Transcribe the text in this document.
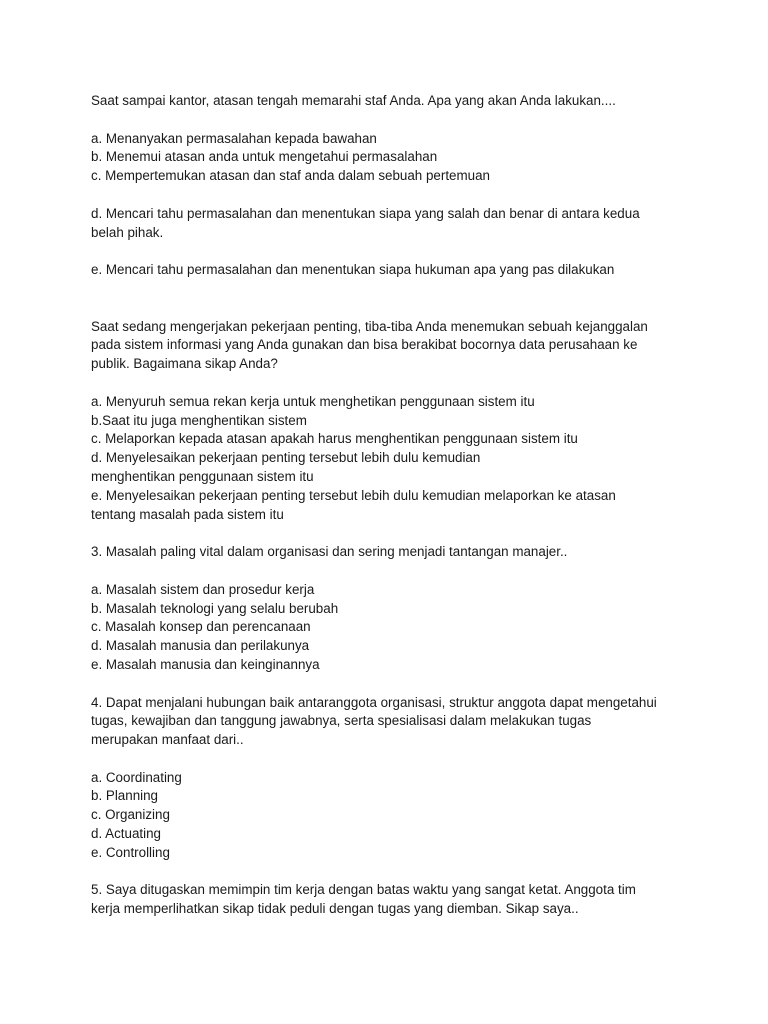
Saat sampai kantor, atasan tengah memarahi staf Anda. Apa yang akan Anda lakukan....

a. Menanyakan permasalahan kepada bawahan

b. Menemui atasan anda untuk mengetahui permasalahan

c. Mempertemukan atasan dan staf anda dalam sebuah pertemuan

d. Mencari tahu permasalahan dan menentukan siapa yang salah dan benar di antara kedua

belah pihak.

e. Mencari tahu permasalahan dan menentukan siapa hukuman apa yang pas dilakukan

Saat sedang mengerjakan pekerjaan penting, tiba-tiba Anda menemukan sebuah kejanggalan

pada sistem informasi yang Anda gunakan dan bisa berakibat bocornya data perusahaan ke

publik. Bagaimana sikap Anda?

a. Menyuruh semua rekan kerja untuk menghetikan penggunaan sistem itu

b.Saat itu juga menghentikan sistem

c. Melaporkan kepada atasan apakah harus menghentikan penggunaan sistem itu

d. Menyelesaikan pekerjaan penting tersebut lebih dulu kemudian

menghentikan penggunaan sistem itu

e. Menyelesaikan pekerjaan penting tersebut lebih dulu kemudian melaporkan ke atasan

tentang masalah pada sistem itu

3. Masalah paling vital dalam organisasi dan sering menjadi tantangan manajer..

a. Masalah sistem dan prosedur kerja

b. Masalah teknologi yang selalu berubah

c. Masalah konsep dan perencanaan

d. Masalah manusia dan perilakunya

e. Masalah manusia dan keinginannya

4. Dapat menjalani hubungan baik antaranggota organisasi, struktur anggota dapat mengetahui

tugas, kewajiban dan tanggung jawabnya, serta spesialisasi dalam melakukan tugas

merupakan manfaat dari..

a. Coordinating

b. Planning

c. Organizing

d. Actuating

e. Controlling

5. Saya ditugaskan memimpin tim kerja dengan batas waktu yang sangat ketat. Anggota tim

kerja memperlihatkan sikap tidak peduli dengan tugas yang diemban. Sikap saya..
